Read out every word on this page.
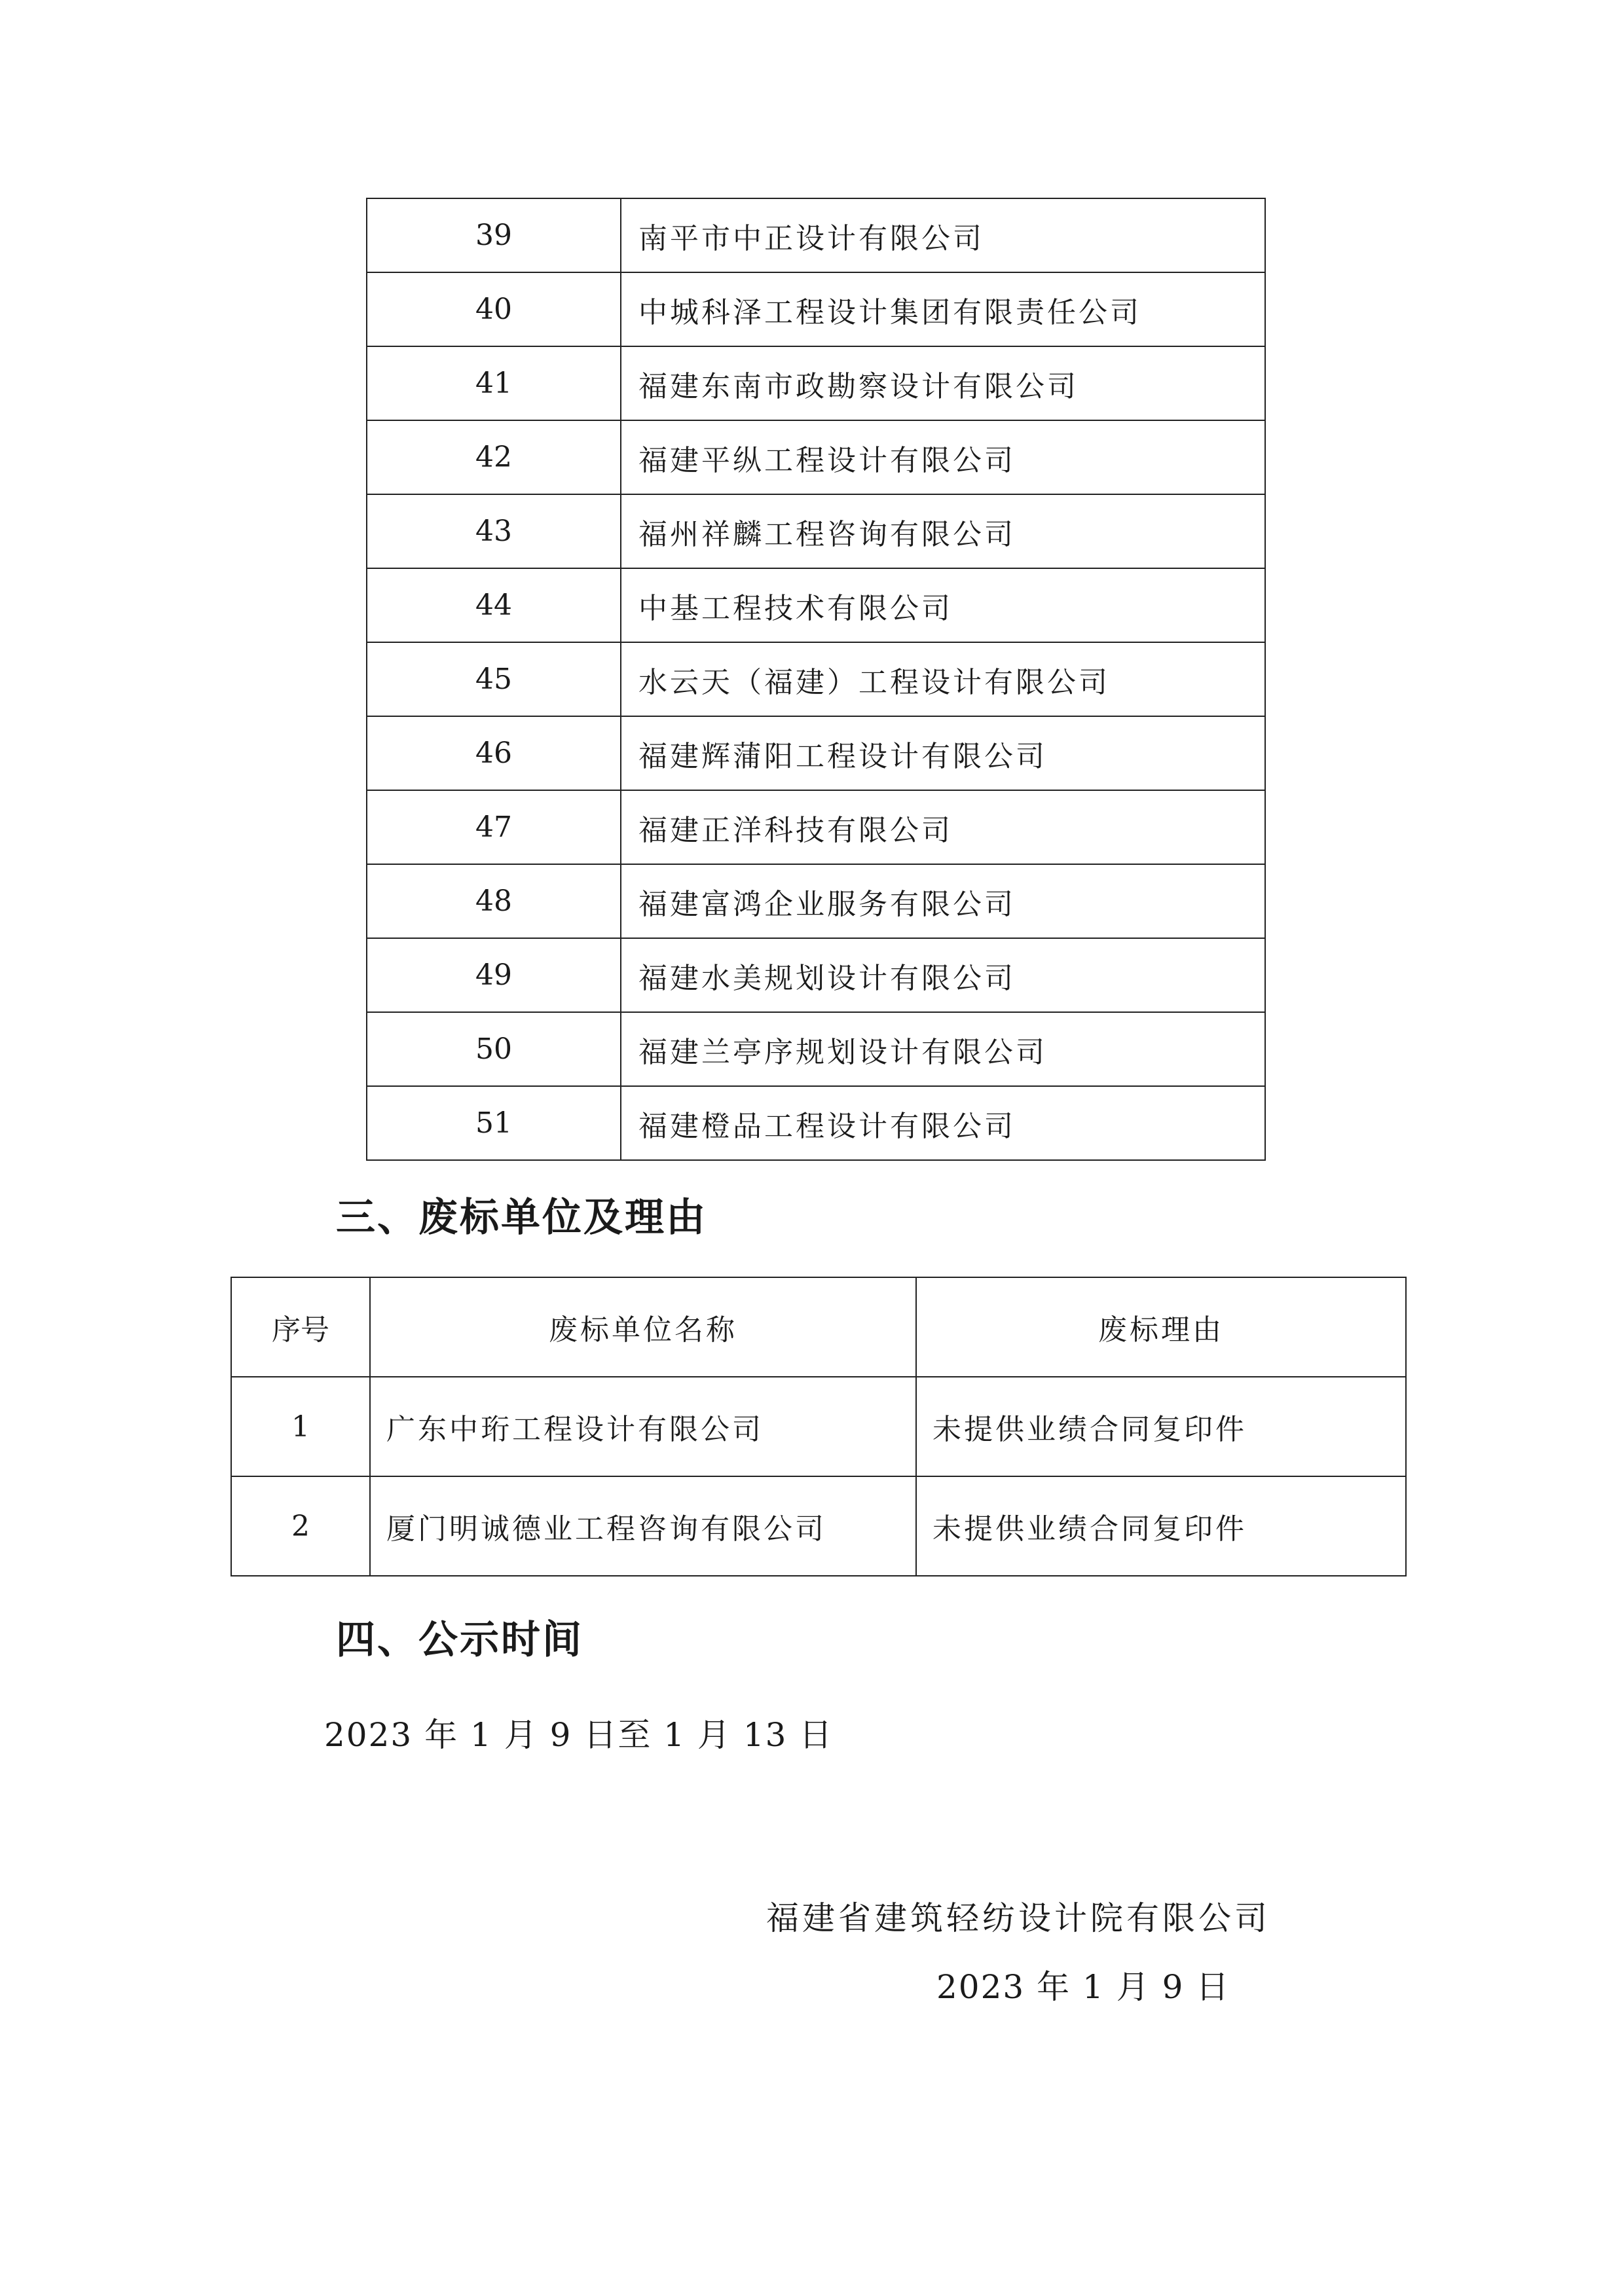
39	南平市中正设计有限公司
40	中城科泽工程设计集团有限责任公司
41	福建东南市政勘察设计有限公司
42	福建平纵工程设计有限公司
43	福州祥麟工程咨询有限公司
44	中基工程技术有限公司
45	水云天（福建）工程设计有限公司
46	福建辉蒲阳工程设计有限公司
47	福建正洋科技有限公司
48	福建富鸿企业服务有限公司
49	福建水美规划设计有限公司
50	福建兰亭序规划设计有限公司
51	福建橙品工程设计有限公司
三、废标单位及理由
序号	废标单位名称	废标理由
1	广东中珩工程设计有限公司	未提供业绩合同复印件
2	厦门明诚德业工程咨询有限公司	未提供业绩合同复印件
四、公示时间

2023 年 1 月 9 日至 1 月 13 日

福建省建筑轻纺设计院有限公司

2023 年 1 月 9 日
